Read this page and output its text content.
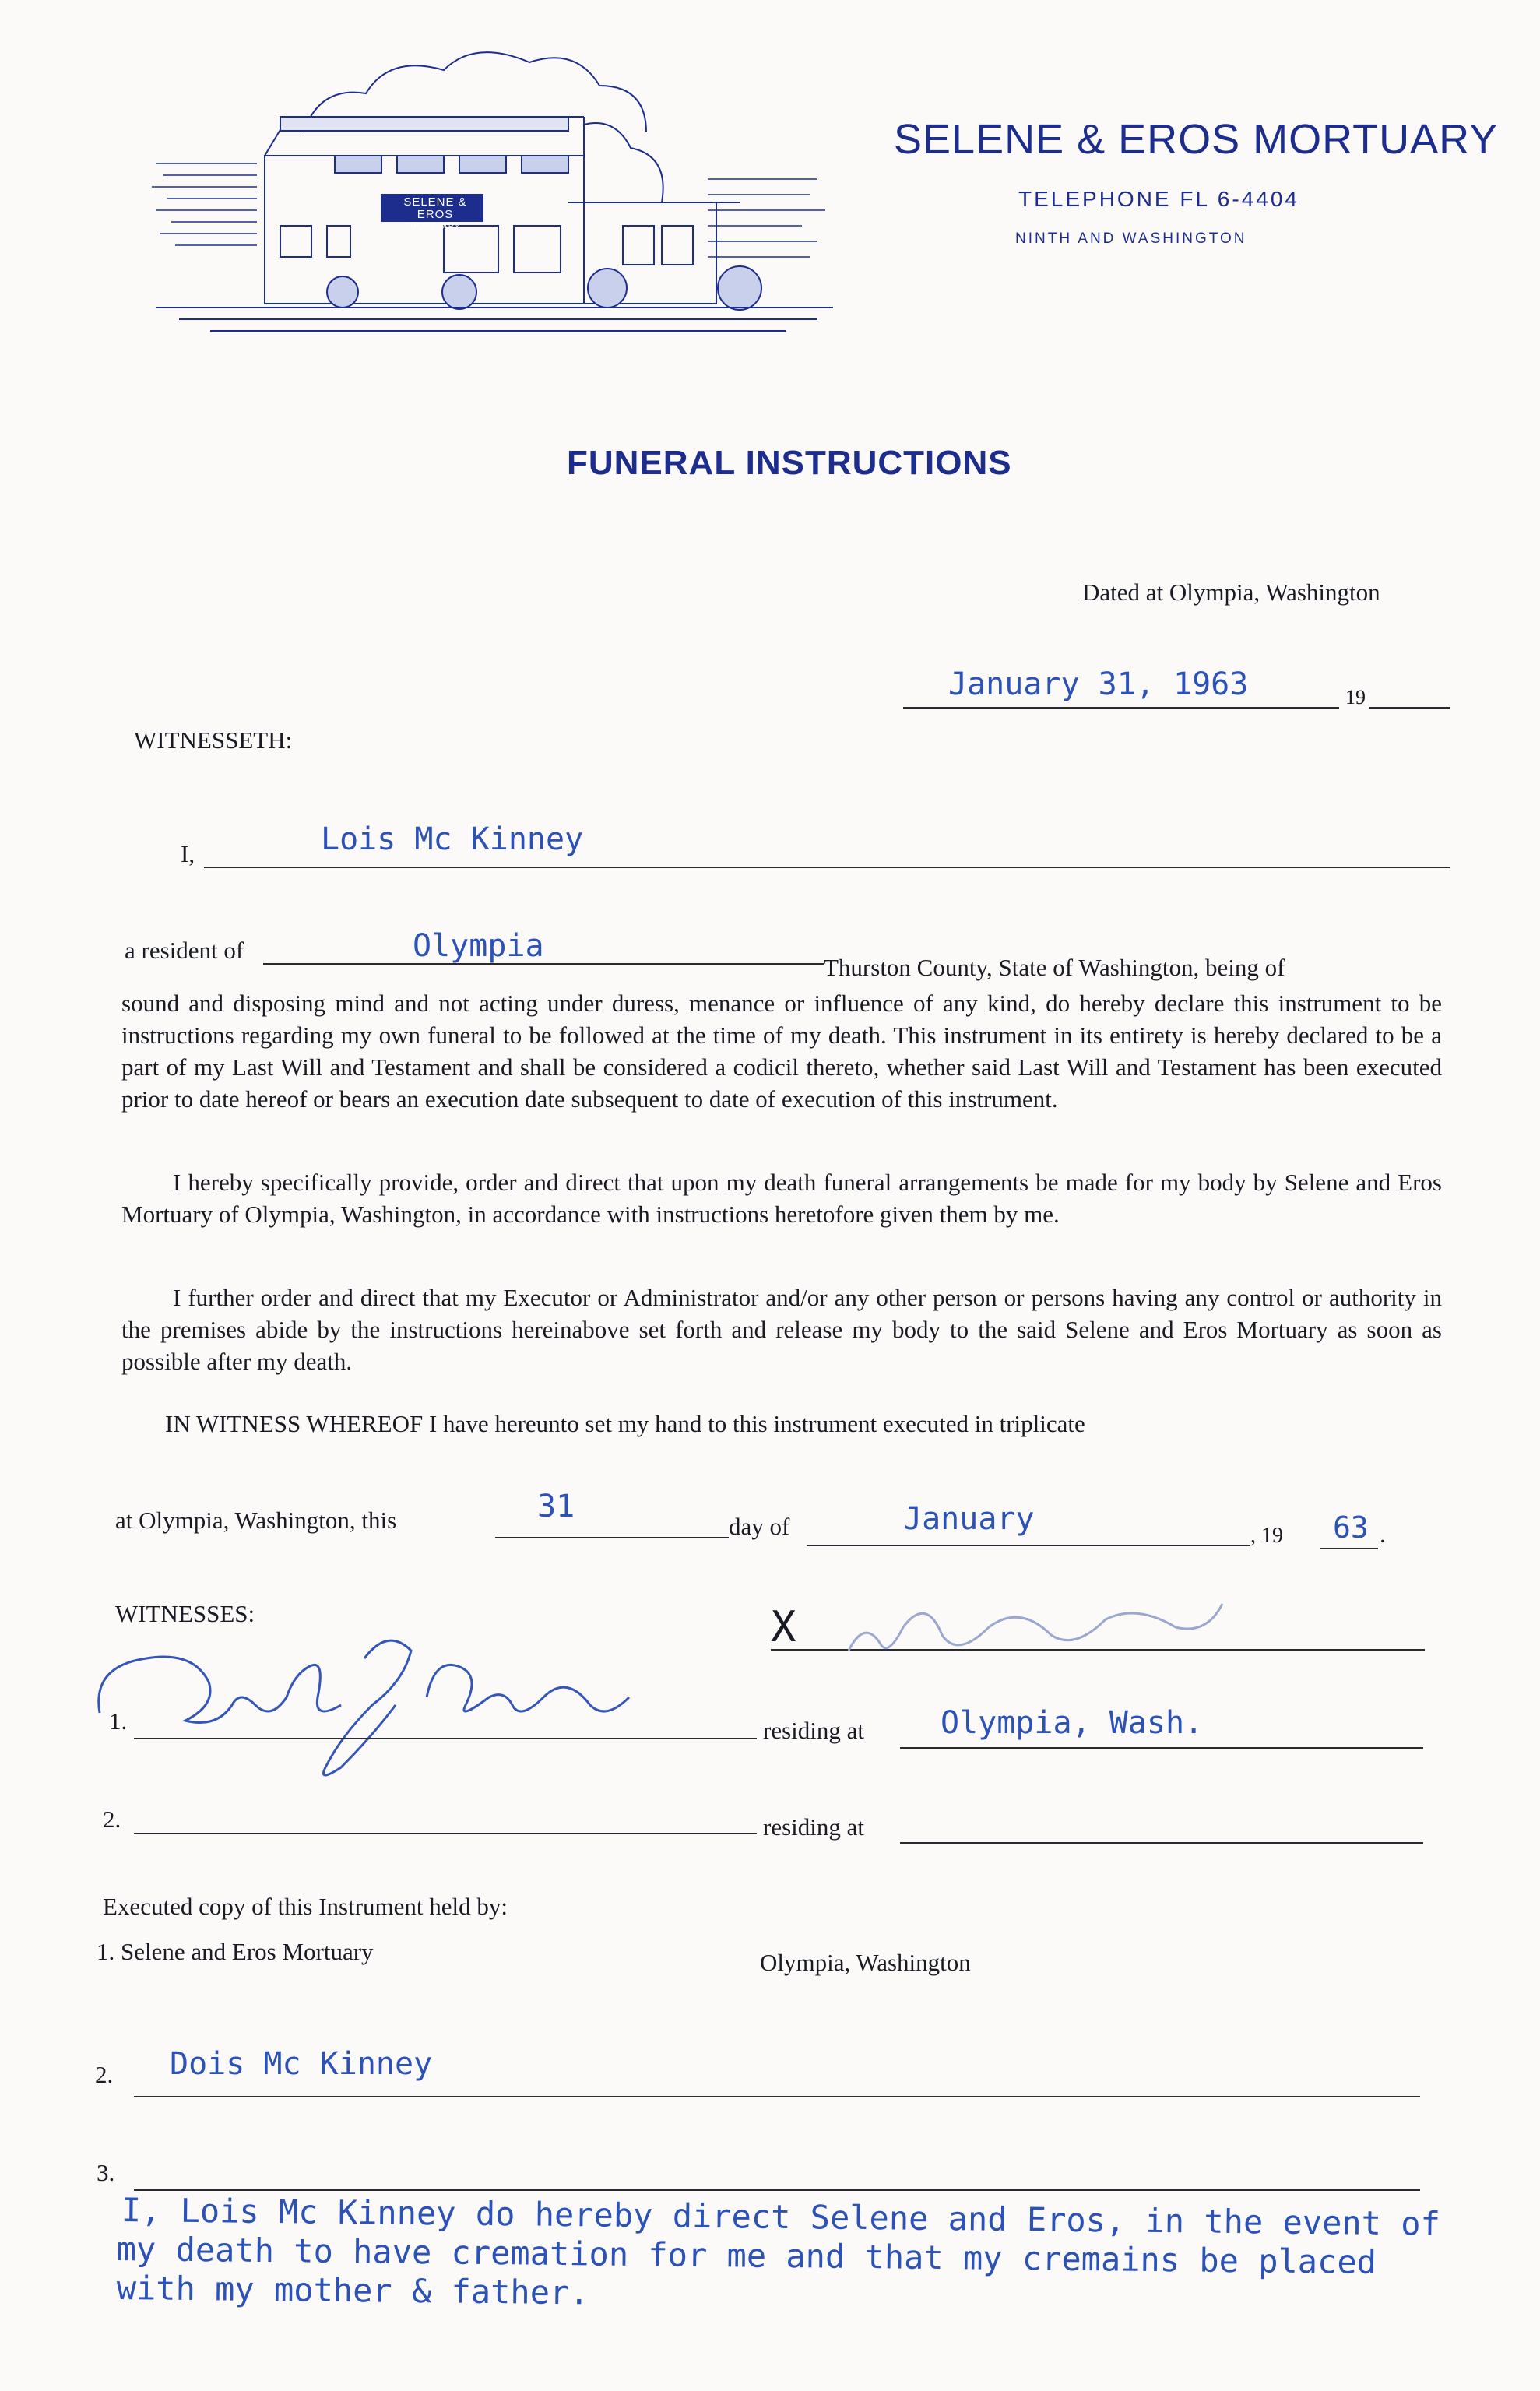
SELENE & EROS
MORTUARY
SELENE & EROS MORTUARY
TELEPHONE FL 6-4404
NINTH AND WASHINGTON
FUNERAL INSTRUCTIONS
Dated at Olympia, Washington
January 31, 1963	19
WITNESSETH:
I,	Lois Mc Kinney
a resident of	Olympia
Thurston County, State of Washington, being of
sound and disposing mind and not acting under duress, menance or influence of any kind, do hereby declare this instrument to be instructions regarding my own funeral to be followed at the time of my death. This instrument in its entirety is hereby declared to be a part of my Last Will and Testament and shall be considered a codicil thereto, whether said Last Will and Testament has been executed prior to date hereof or bears an execution date subsequent to date of execution of this instrument.
I hereby specifically provide, order and direct that upon my death funeral arrangements be made for my body by Selene and Eros Mortuary of Olympia, Washington, in accordance with instructions heretofore given them by me.
I further order and direct that my Executor or Administrator and/or any other person or persons having any control or authority in the premises abide by the instructions hereinabove set forth and release my body to the said Selene and Eros Mortuary as soon as possible after my death.
IN WITNESS WHEREOF I have hereunto set my hand to this instrument executed in triplicate
at Olympia, Washington, this	31
day of	January	, 19 63 .
WITNESSES:	X
1.	residing at Olympia, Wash.
2.	residing at
Executed copy of this Instrument held by:
1. Selene and Eros Mortuary	Olympia, Washington
2. Dois Mc Kinney
3.
I, Lois Mc Kinney do hereby direct Selene and Eros, in the event of
my death to have cremation for me and that my cremains be placed
with my mother & father.
